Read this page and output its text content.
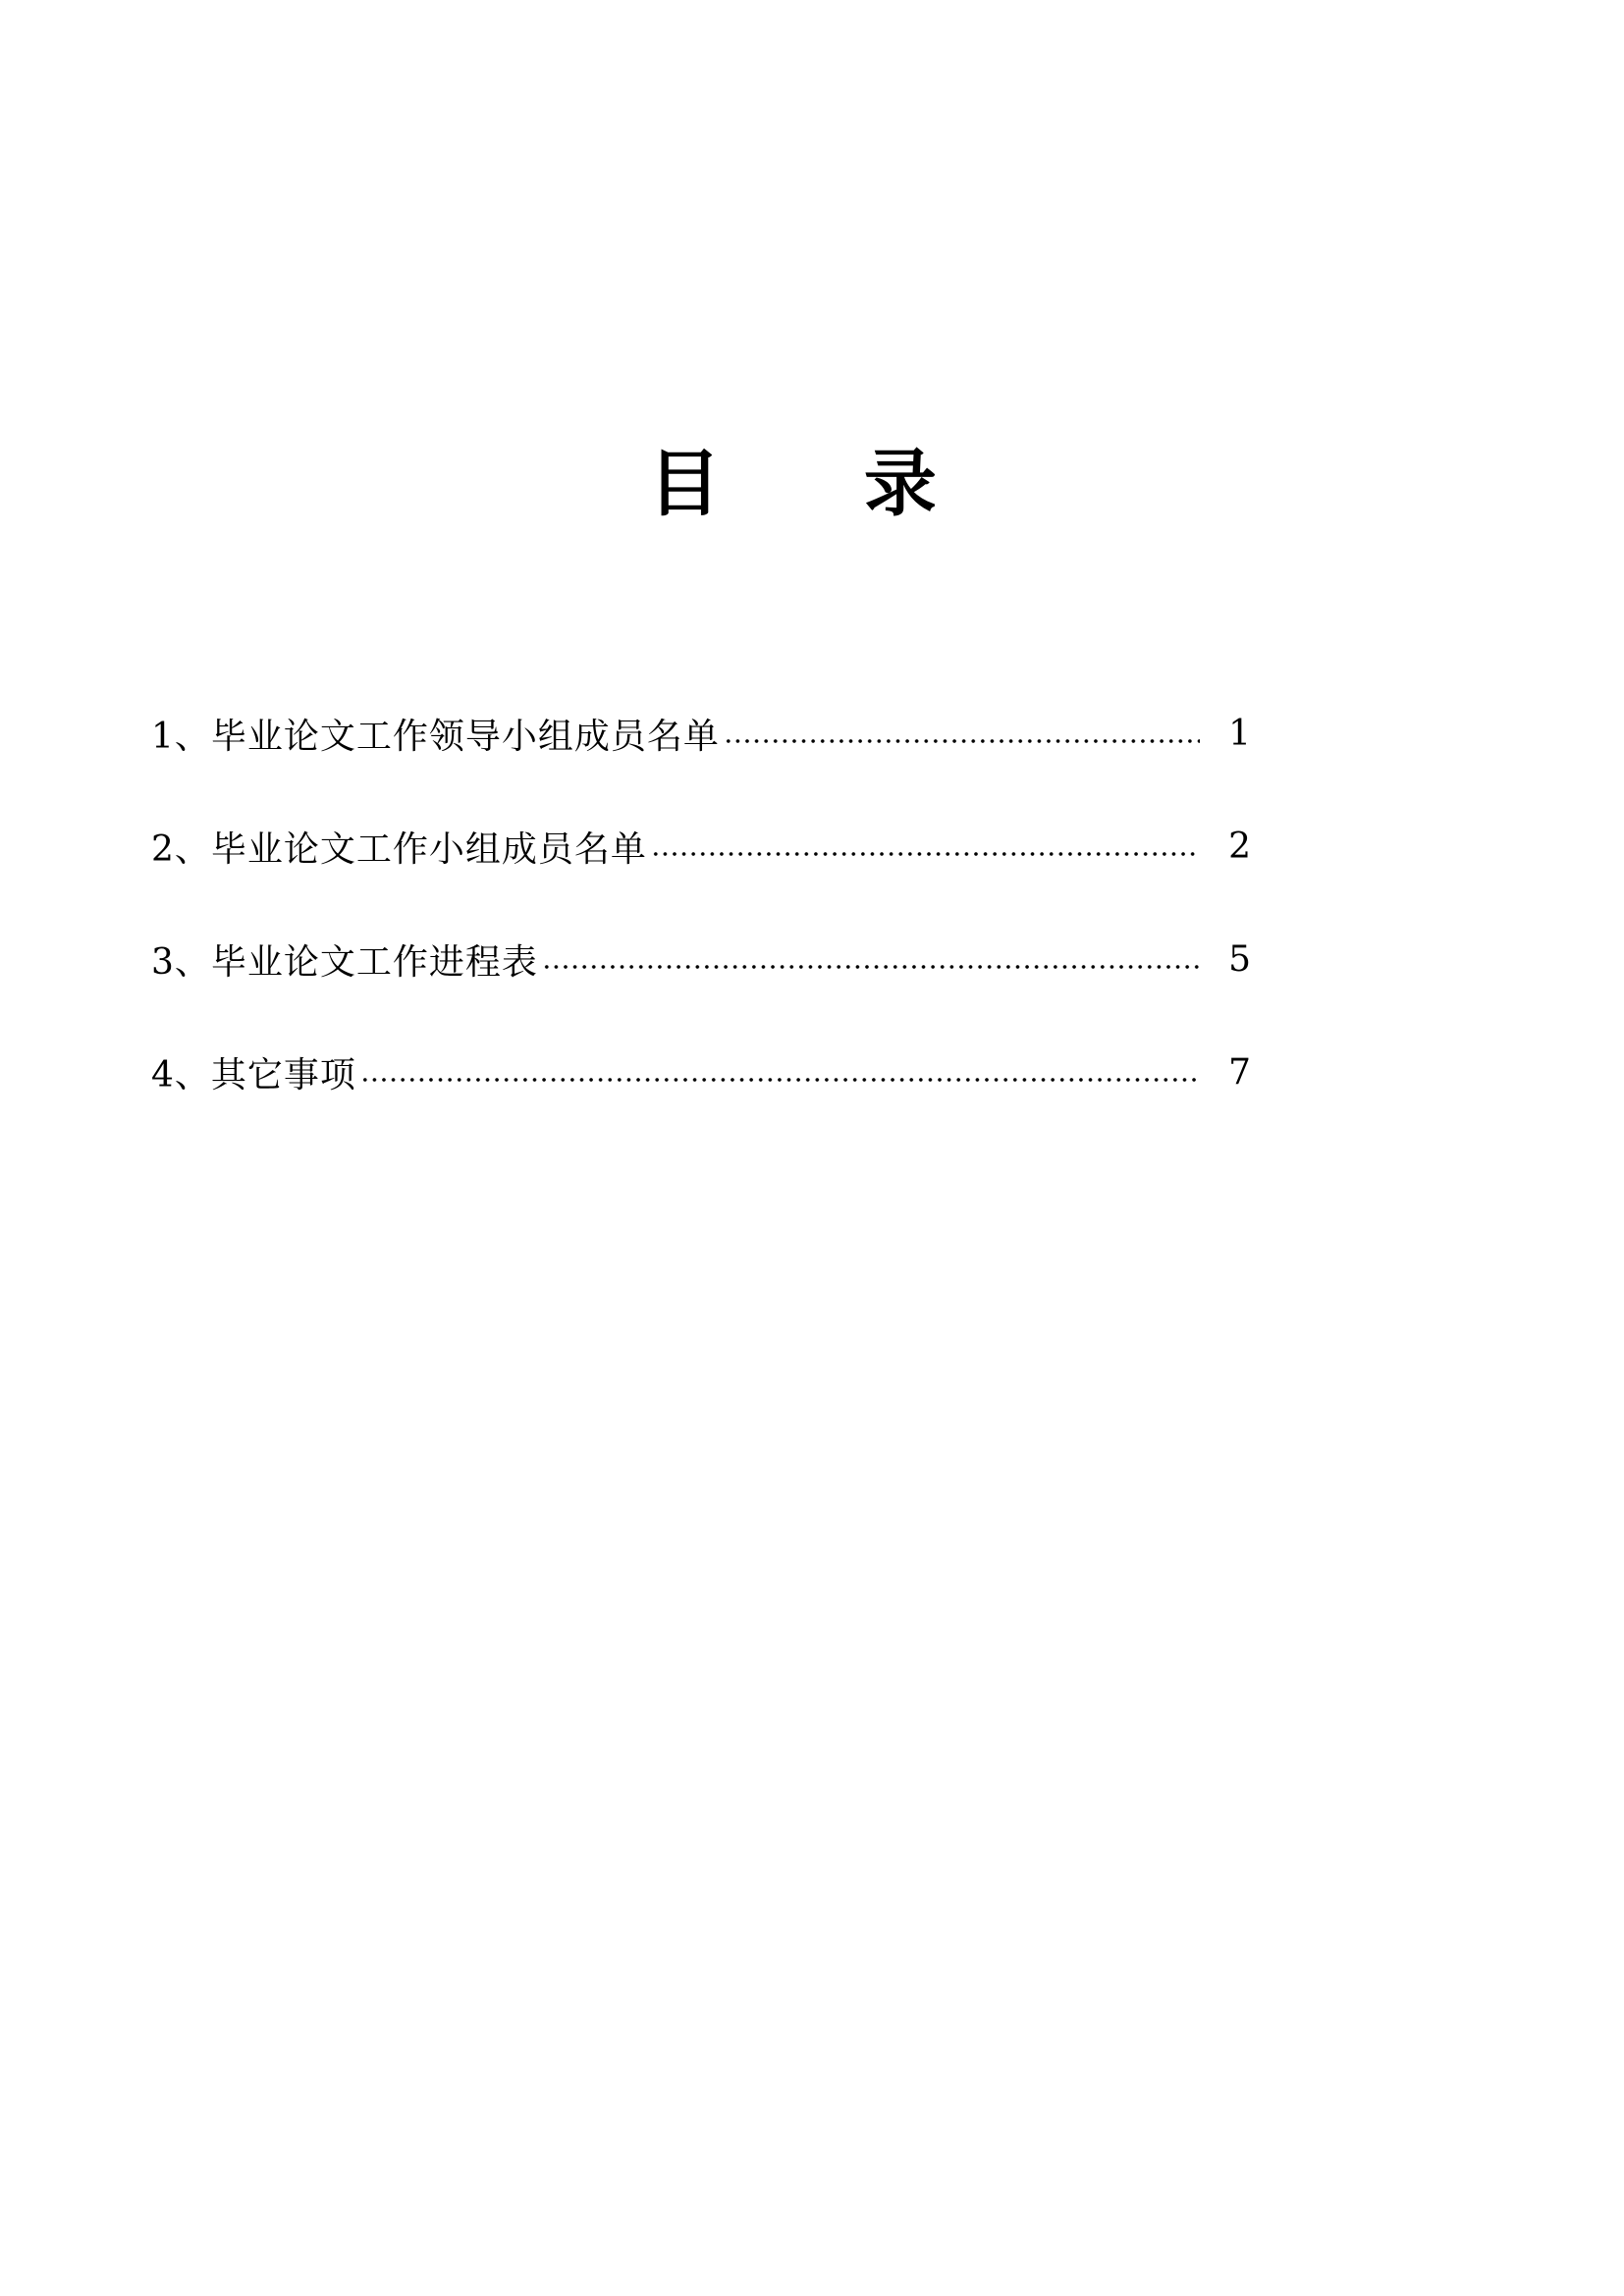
目 录
1、毕业论文工作领导小组成员名单	1
2、毕业论文工作小组成员名单	2
3、毕业论文工作进程表	5
4、其它事项	7
